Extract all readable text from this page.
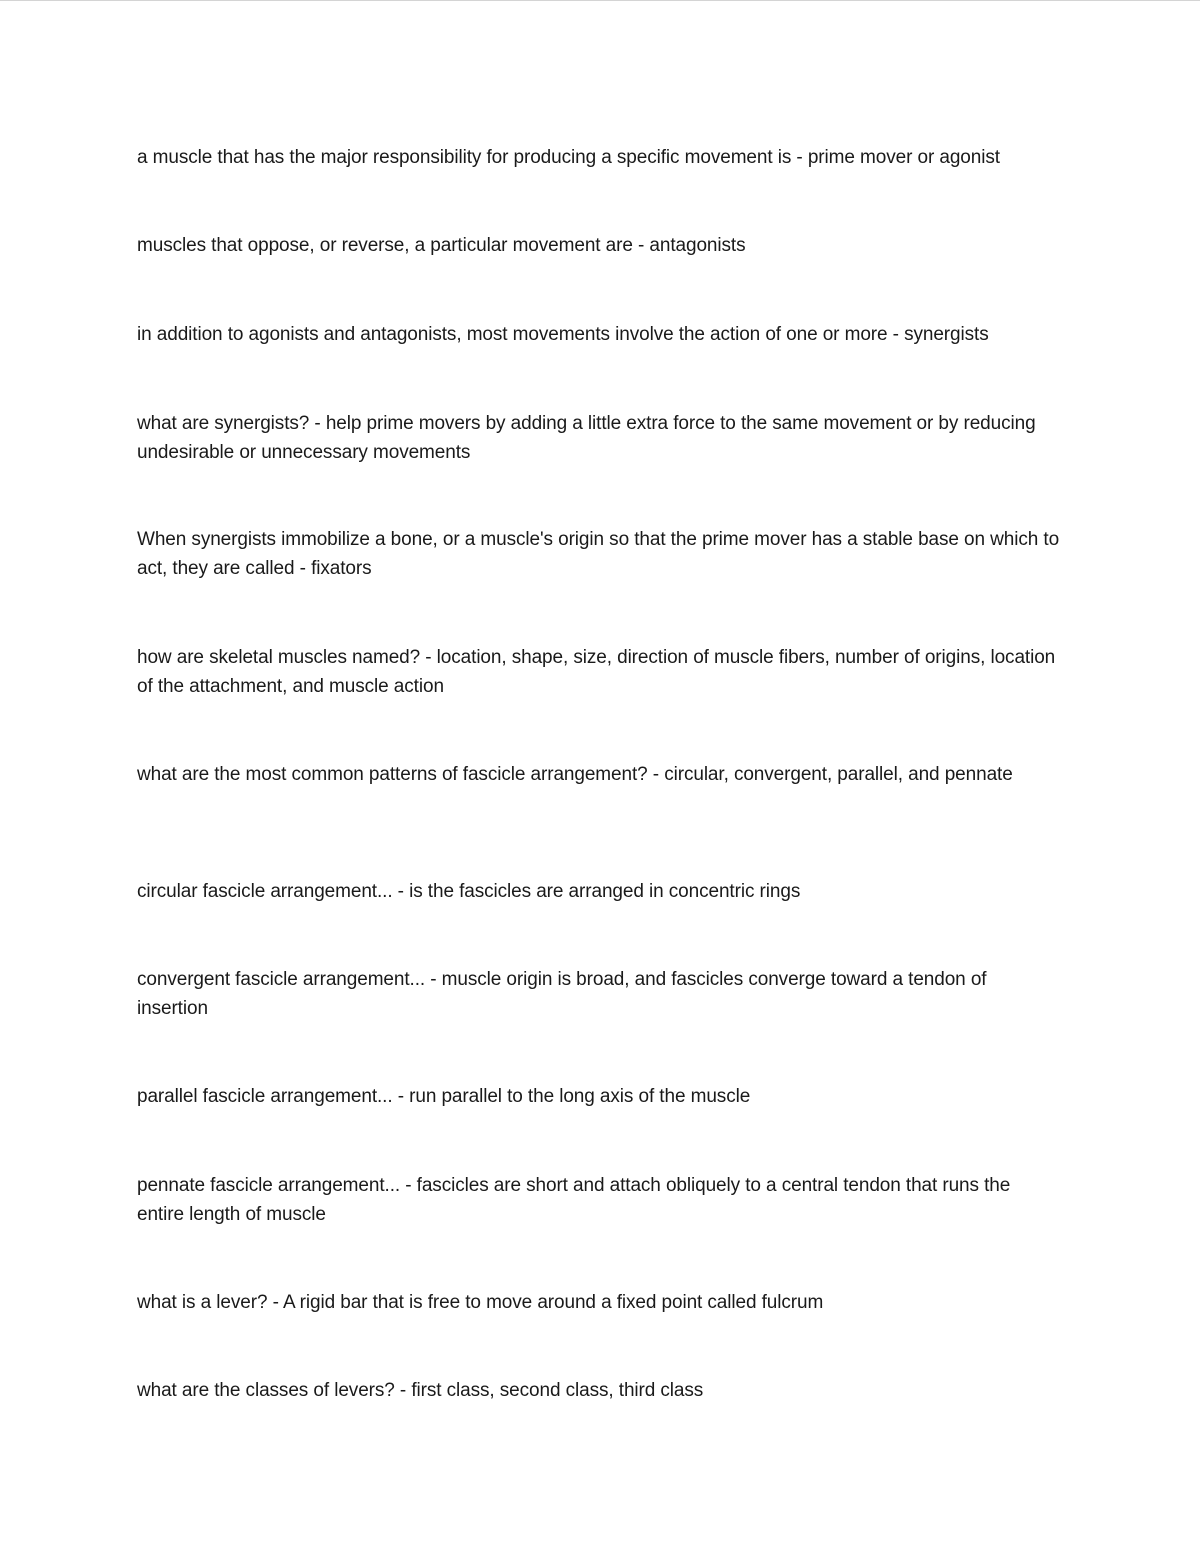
a muscle that has the major responsibility for producing a specific movement is - prime mover or agonist

muscles that oppose, or reverse, a particular movement are - antagonists

in addition to agonists and antagonists, most movements involve the action of one or more - synergists

what are synergists? - help prime movers by adding a little extra force to the same movement or by reducing undesirable or unnecessary movements

When synergists immobilize a bone, or a muscle's origin so that the prime mover has a stable base on which to act, they are called - fixators

how are skeletal muscles named? - location, shape, size, direction of muscle fibers, number of origins, location of the attachment, and muscle action

what are the most common patterns of fascicle arrangement? - circular, convergent, parallel, and pennate

circular fascicle arrangement... - is the fascicles are arranged in concentric rings

convergent fascicle arrangement... - muscle origin is broad, and fascicles converge toward a tendon of insertion

parallel fascicle arrangement... - run parallel to the long axis of the muscle

pennate fascicle arrangement... - fascicles are short and attach obliquely to a central tendon that runs the entire length of muscle

what is a lever? - A rigid bar that is free to move around a fixed point called fulcrum

what are the classes of levers? - first class, second class, third class
